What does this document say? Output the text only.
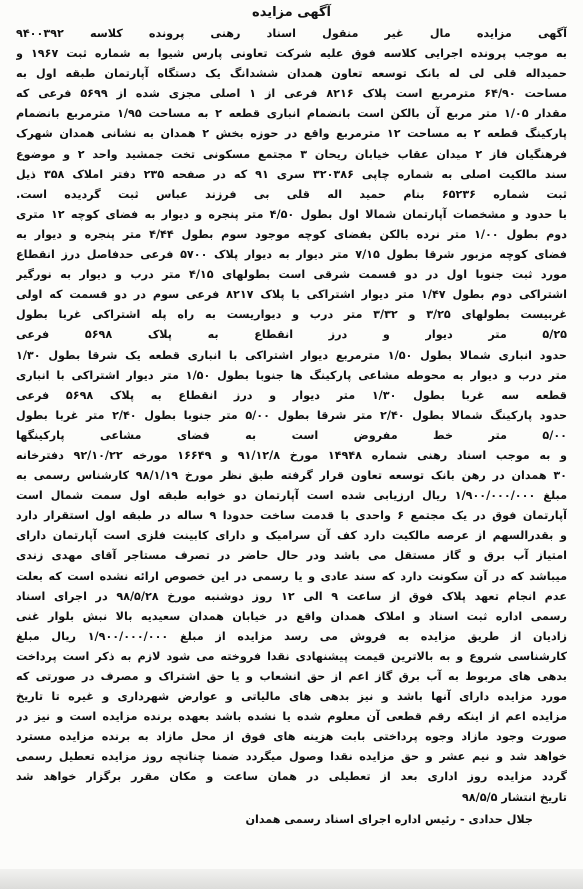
آگهی مزایده
آگهی مزایده مال غیر منقول اسناد رهنی پرونده کلاسه ۹۴۰۰۳۹۲
به موجب پرونده اجرایی کلاسه فوق علیه شرکت تعاونی پارس شیوا به شماره ثبت ۱۹۶۷ و
حمیداله قلی لی له بانک توسعه تعاون همدان ششدانگ یک دستگاه آپارتمان طبقه اول به
مساحت ۶۴/۹۰ مترمربع است پلاک ۸۲۱۶ فرعی از ۱ اصلی مجزی شده از ۵۶۹۹ فرعی که
مقدار ۱/۰۵ متر مربع آن بالکن است بانضمام انباری قطعه ۲ به مساحت ۱/۹۵ مترمربع بانضمام
پارکینگ قطعه ۲ به مساحت ۱۲ مترمربع واقع در حوزه بخش ۲ همدان به نشانی همدان شهرک
فرهنگیان فاز ۲ میدان عقاب خیابان ریحان ۳ مجتمع مسکونی تخت جمشید واحد ۲ و موضوع
سند مالکیت اصلی به شماره چاپی ۳۲۰۳۸۶ سری ۹۱ که در صفحه ۲۳۵ دفتر املاک ۳۵۸ ذیل
ثبت شماره ۶۵۲۳۶ بنام حمید اله قلی بی فرزند عباس ثبت گردیده است.
با حدود و مشخصات آپارتمان شمالا اول بطول ۴/۵۰ متر پنجره و دیوار به فضای کوچه ۱۲ متری
دوم بطول ۱/۰۰ متر نرده بالکن بفضای کوچه موجود سوم بطول ۴/۴۴ متر پنجره و دیوار به
فضای کوچه مزبور شرقا بطول ۷/۱۵ متر دیوار به دیوار پلاک ۵۷۰۰ فرعی حدفاصل درز انقطاع
مورد ثبت جنوبا اول در دو قسمت شرقی است بطولهای ۴/۱۵ متر درب و دیوار به نورگیر
اشتراکی دوم بطول ۱/۴۷ متر دیوار اشتراکی با پلاک ۸۲۱۷ فرعی سوم در دو قسمت که اولی
غربیست بطولهای ۳/۲۵ و ۳/۳۲ متر درب و دیواریست به راه پله اشتراکی غربا بطول
۵/۲۵ متر دیوار و درز انقطاع به پلاک ۵۶۹۸ فرعی
حدود انباری شمالا بطول ۱/۵۰ مترمربع دیوار اشتراکی با انباری قطعه یک شرقا بطول ۱/۳۰
متر درب و دیوار به محوطه مشاعی پارکینگ ها جنوبا بطول ۱/۵۰ متر دیوار اشتراکی با انباری
قطعه سه غربا بطول ۱/۳۰ متر دیوار و درز انقطاع به پلاک ۵۶۹۸ فرعی
حدود پارکینگ شمالا بطول ۲/۴۰ متر شرقا بطول ۵/۰۰ متر جنوبا بطول ۲/۴۰ متر غربا بطول
۵/۰۰ متر خط مفروض است به فضای مشاعی پارکینگها
و به موجب اسناد رهنی شماره ۱۴۹۴۸ مورخ ۹۱/۱۲/۸ و ۱۶۶۴۹ مورخه ۹۲/۱۰/۲۲ دفترخانه
۳۰ همدان در رهن بانک توسعه تعاون قرار گرفته طبق نظر مورخ ۹۸/۱/۱۹ کارشناس رسمی به
مبلغ ۱/۹۰۰/۰۰۰/۰۰۰ ریال ارزیابی شده است آپارتمان دو خوابه طبقه اول سمت شمال است
آپارتمان فوق در یک مجتمع ۶ واحدی با قدمت ساخت حدودا ۹ ساله در طبقه اول استقرار دارد
و بقدرالسهم از عرصه مالکیت دارد کف آن سرامیک و دارای کابینت فلزی است آپارتمان دارای
امتیاز آب برق و گاز مستقل می باشد ودر حال حاضر در تصرف مستاجر آقای مهدی زندی
میباشد که در آن سکونت دارد که سند عادی و یا رسمی در این خصوص ارائه نشده است که بعلت
عدم انجام تعهد پلاک فوق از ساعت ۹ الی ۱۲ روز دوشنبه مورخ ۹۸/۵/۲۸ در اجرای اسناد
رسمی اداره ثبت اسناد و املاک همدان واقع در خیابان همدان سعیدیه بالا نبش بلوار غنی
زادیان از طریق مزایده به فروش می رسد مزایده از مبلغ ۱/۹۰۰/۰۰۰/۰۰۰ ریال مبلغ
کارشناسی شروع و به بالاترین قیمت پیشنهادی نقدا فروخته می شود لازم به ذکر است پرداخت
بدهی های مربوط به آب برق گاز اعم از حق انشعاب و یا حق اشتراک و مصرف در صورتی که
مورد مزایده دارای آنها باشد و نیز بدهی های مالیاتی و عوارض شهرداری و غیره تا تاریخ
مزایده اعم از اینکه رقم قطعی آن معلوم شده یا نشده باشد بعهده برنده مزایده است و نیز در
صورت وجود مازاد وجوه پرداختی بابت هزینه های فوق از محل مازاد به برنده مزایده مسترد
خواهد شد و نیم عشر و حق مزایده نقدا وصول میگردد ضمنا چنانچه روز مزایده تعطیل رسمی
گردد مزایده روز اداری بعد از تعطیلی در همان ساعت و مکان مقرر برگزار خواهد شد
تاریخ انتشار ۹۸/۵/۵
جلال حدادی - رئیس اداره اجرای اسناد رسمی همدان
